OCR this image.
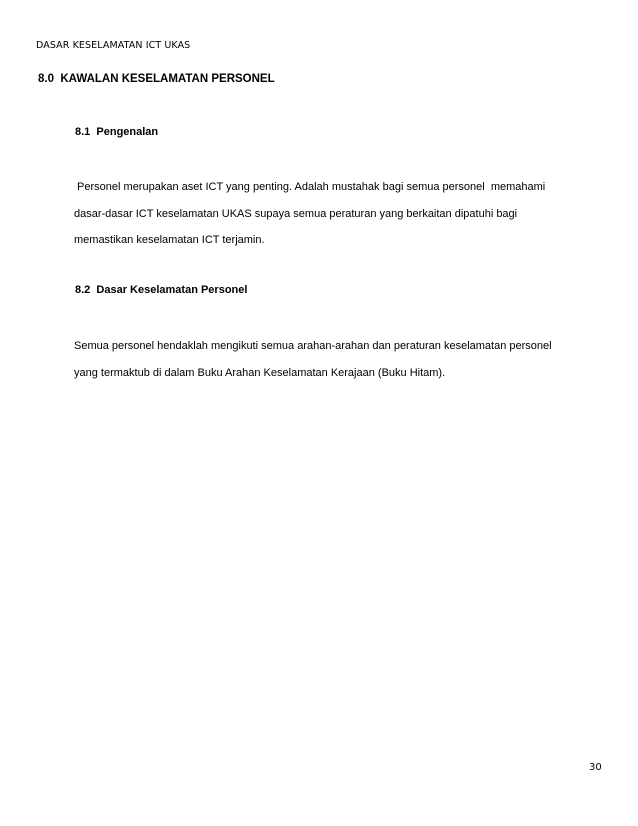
DASAR KESELAMATAN ICT UKAS
8.0  KAWALAN KESELAMATAN PERSONEL
8.1  Pengenalan
Personel merupakan aset ICT yang penting. Adalah mustahak bagi semua personel  memahami
dasar-dasar ICT keselamatan UKAS supaya semua peraturan yang berkaitan dipatuhi bagi
memastikan keselamatan ICT terjamin.
8.2  Dasar Keselamatan Personel
Semua personel hendaklah mengikuti semua arahan-arahan dan peraturan keselamatan personel
yang termaktub di dalam Buku Arahan Keselamatan Kerajaan (Buku Hitam).
30
